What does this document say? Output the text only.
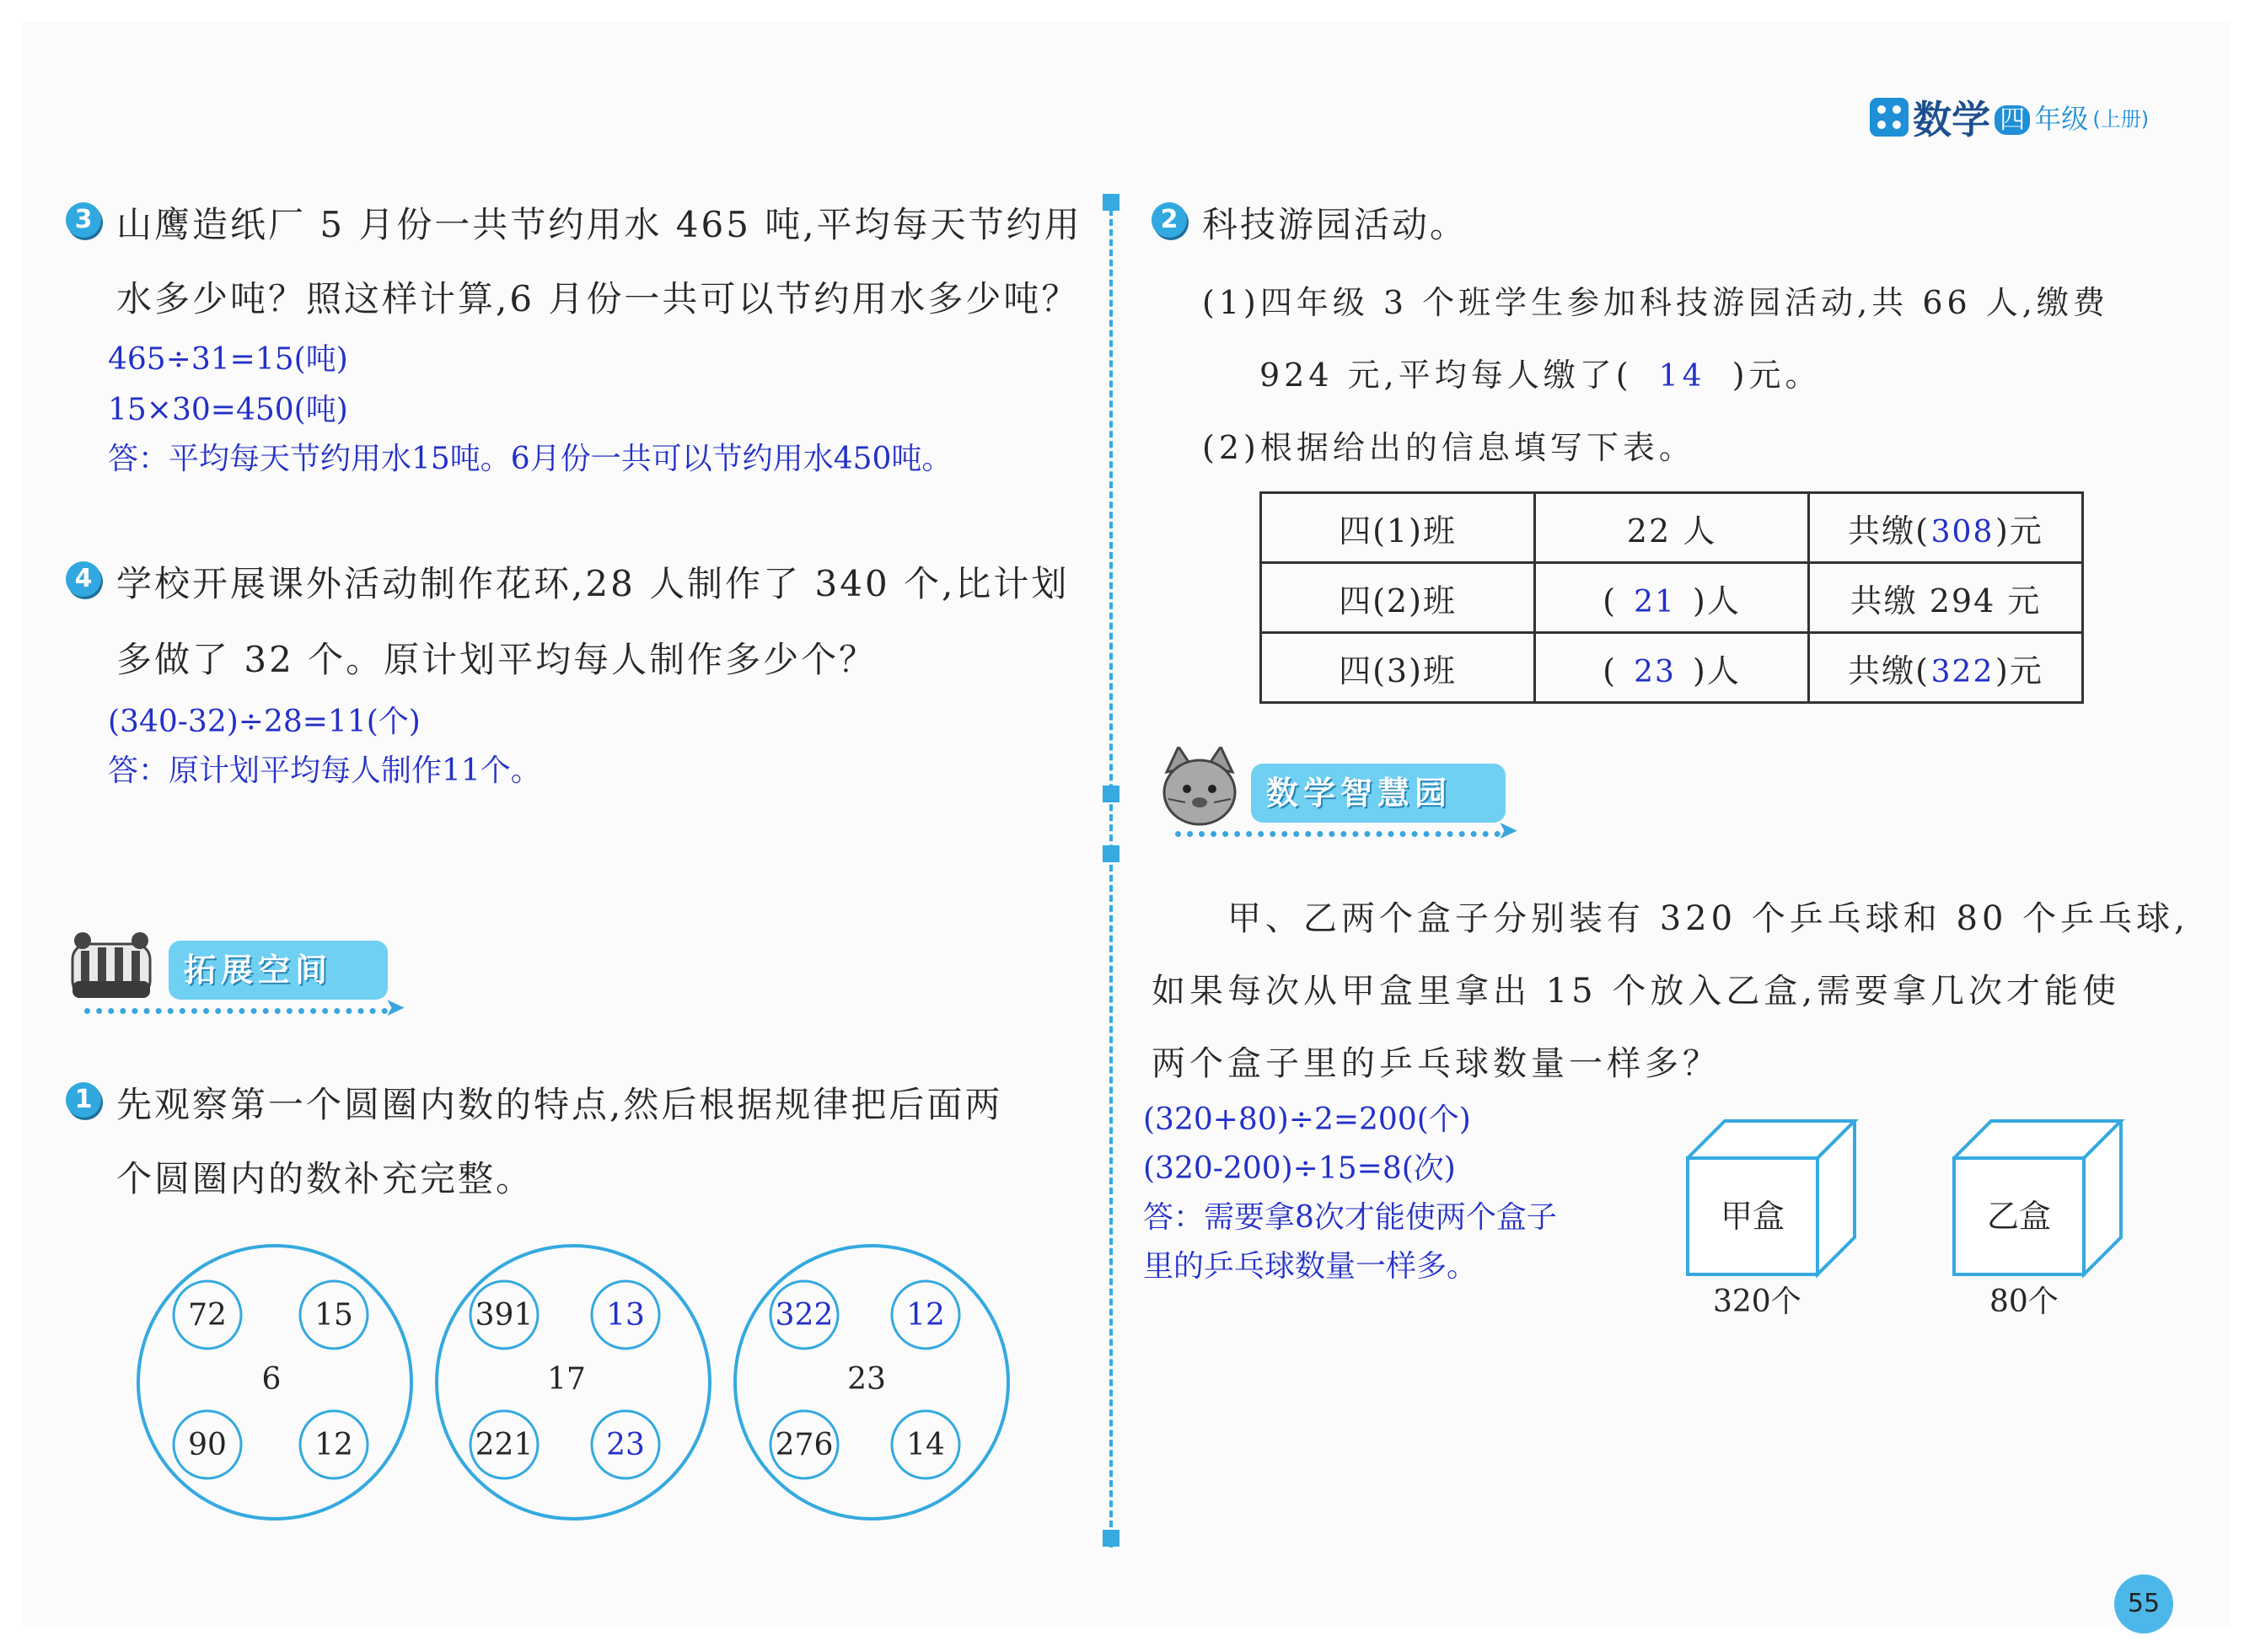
数学 四 年级 (上册)
3 山鹰造纸厂 5 月份一共节约用水 465 吨,平均每天节约用
水多少吨？照这样计算,6 月份一共可以节约用水多少吨？
465÷31=15(吨)
15×30=450(吨)
答：平均每天节约用水15吨。6月份一共可以节约用水450吨。
4 学校开展课外活动制作花环,28 人制作了 340 个,比计划
多做了 32 个。原计划平均每人制作多少个？
(340-32)÷28=11(个)
答：原计划平均每人制作11个。
拓展空间
➤
1 先观察第一个圆圈内数的特点,然后根据规律把后面两
个圆圈内的数补充完整。
72	15
6
90	12
391 13
17
221 23
322 12
23
276 14
2 科技游园活动。
(1)四年级 3 个班学生参加科技游园活动,共 66 人,缴费
924 元,平均每人缴了( 14 )元。
(2)根据给出的信息填写下表。
四(1)班	22 人	共缴(308)元
四(2)班	( 21 )人	共缴 294 元
四(3)班	( 23 )人	共缴(322)元
数学智慧园
➤
甲、乙两个盒子分别装有 320 个乒乓球和 80 个乒乓球,
如果每次从甲盒里拿出 15 个放入乙盒,需要拿几次才能使
两个盒子里的乒乓球数量一样多？
(320+80)÷2=200(个)
(320-200)÷15=8(次)
答：需要拿8次才能使两个盒子
里的乒乓球数量一样多。
甲盒
320个
乙盒
80个
55
